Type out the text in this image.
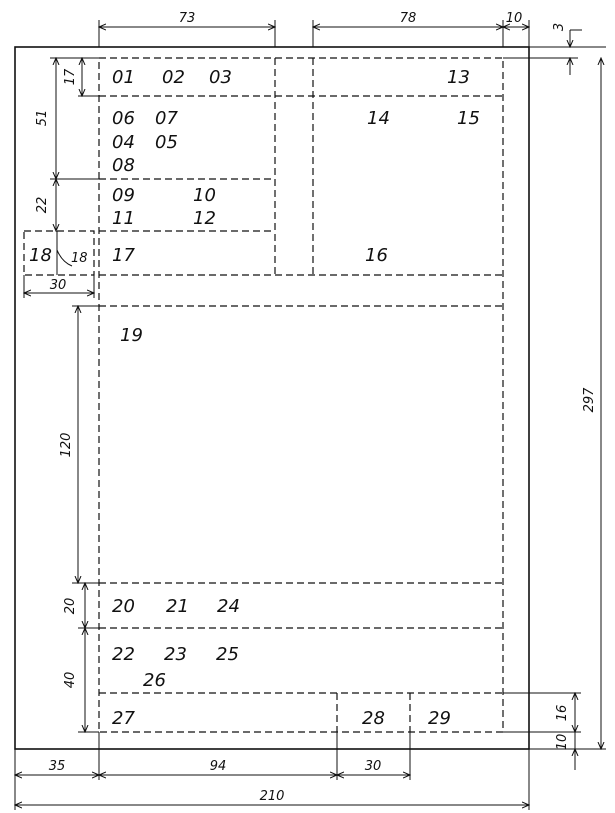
73	78	10
3
17
51
22
30
120
20
40
297
16
10
35	94	30
210
01 02 03	13
06 07	14	15
04 05
08
09	10
11	12
18 18 17	16
19
20 21 24
22 23 25
26
27	28 29
